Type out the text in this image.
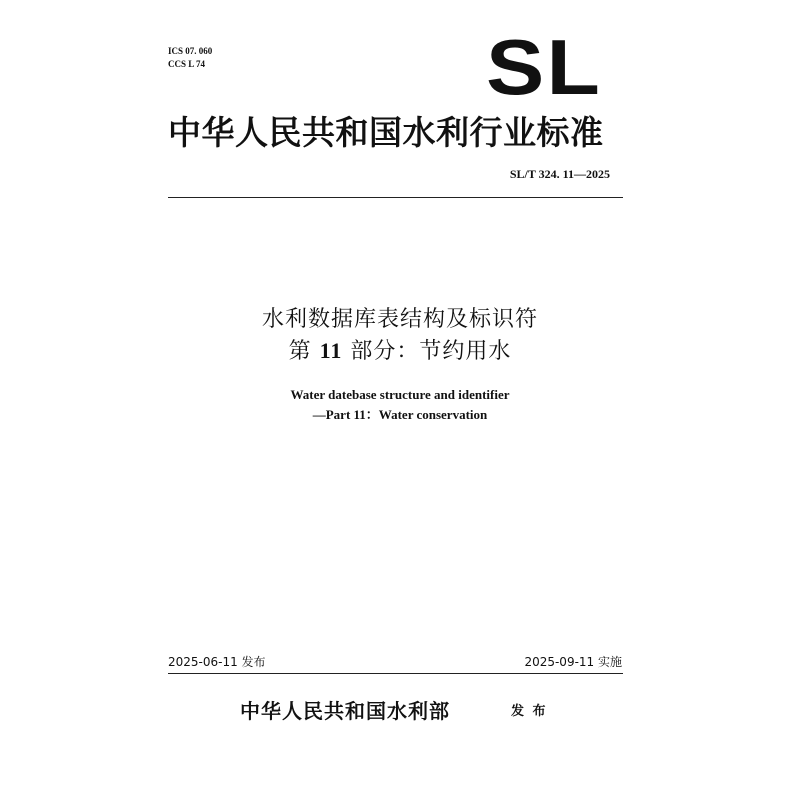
ICS 07. 060
CCS L 74	SL
中华人民共和国水利行业标准
SL/T 324. 11—2025
水利数据库表结构及标识符
第 11 部分：节约用水
Water datebase structure and identifier
—Part 11：Water conservation
2025-06-11 发布	2025-09-11 实施
中华人民共和国水利部	发 布
